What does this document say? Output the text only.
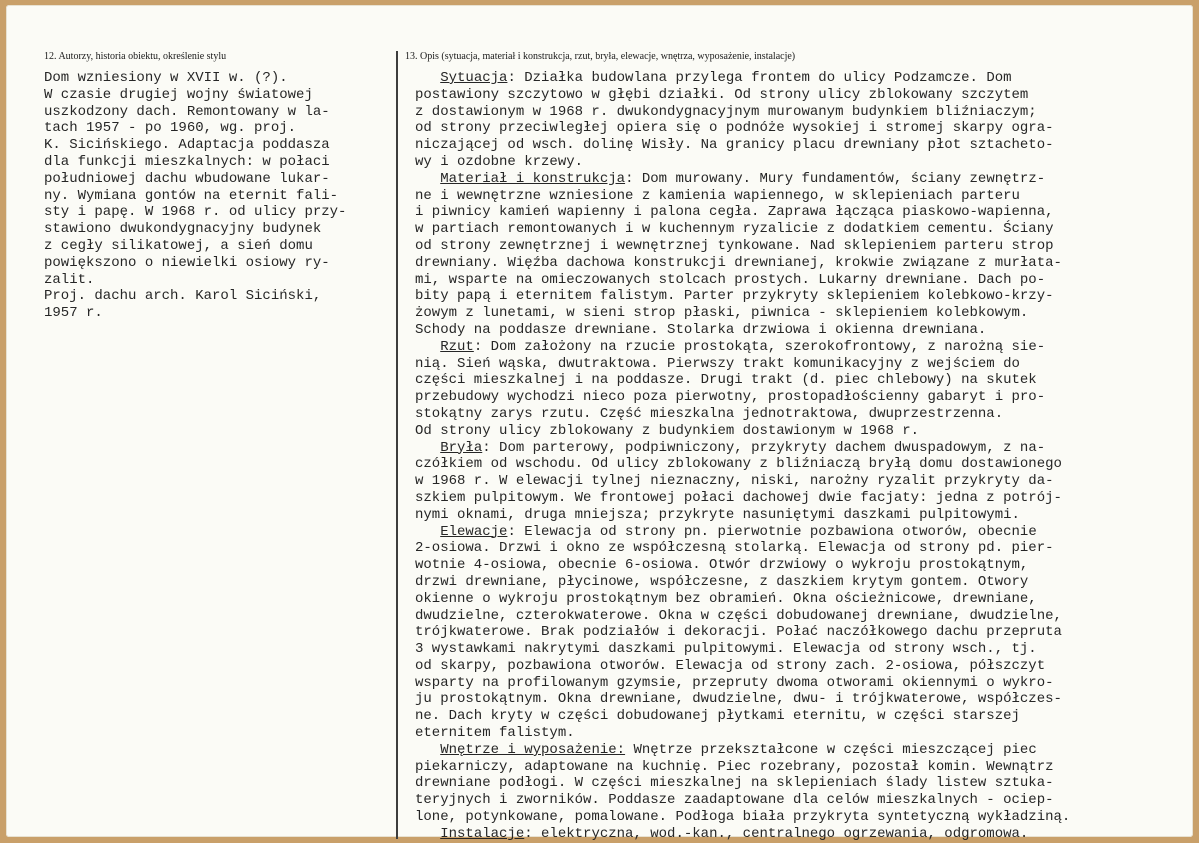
12. Autorzy, historia obiektu, określenie stylu
Dom wzniesiony w XVII w. (?).
W czasie drugiej wojny światowej
uszkodzony dach. Remontowany w la-
tach 1957 - po 1960, wg. proj.
K. Sicińskiego. Adaptacja poddasza
dla funkcji mieszkalnych: w połaci
południowej dachu wbudowane lukar-
ny. Wymiana gontów na eternit fali-
sty i papę. W 1968 r. od ulicy przy-
stawiono dwukondygnacyjny budynek
z cegły silikatowej, a sień domu
powiększono o niewielki osiowy ry-
zalit.
Proj. dachu arch. Karol Siciński,
1957 r.
13. Opis (sytuacja, materiał i konstrukcja, rzut, bryła, elewacje, wnętrza, wyposażenie, instalacje)
Sytuacja: Działka budowlana przylega frontem do ulicy Podzamcze. Dom
postawiony szczytowo w głębi działki. Od strony ulicy zblokowany szczytem
z dostawionym w 1968 r. dwukondygnacyjnym murowanym budynkiem bliźniaczym;
od strony przeciwległej opiera się o podnóże wysokiej i stromej skarpy ogra-
niczającej od wsch. dolinę Wisły. Na granicy placu drewniany płot sztacheto-
wy i ozdobne krzewy.
Materiał i konstrukcja: Dom murowany. Mury fundamentów, ściany zewnętrz-
ne i wewnętrzne wzniesione z kamienia wapiennego, w sklepieniach parteru
i piwnicy kamień wapienny i palona cegła. Zaprawa łącząca piaskowo-wapienna,
w partiach remontowanych i w kuchennym ryzalicie z dodatkiem cementu. Ściany
od strony zewnętrznej i wewnętrznej tynkowane. Nad sklepieniem parteru strop
drewniany. Więźba dachowa konstrukcji drewnianej, krokwie związane z murłata-
mi, wsparte na omieczowanych stolcach prostych. Lukarny drewniane. Dach po-
bity papą i eternitem falistym. Parter przykryty sklepieniem kolebkowo-krzy-
żowym z lunetami, w sieni strop płaski, piwnica - sklepieniem kolebkowym.
Schody na poddasze drewniane. Stolarka drzwiowa i okienna drewniana.
Rzut: Dom założony na rzucie prostokąta, szerokofrontowy, z narożną sie-
nią. Sień wąska, dwutraktowa. Pierwszy trakt komunikacyjny z wejściem do
części mieszkalnej i na poddasze. Drugi trakt (d. piec chlebowy) na skutek
przebudowy wychodzi nieco poza pierwotny, prostopadłościenny gabaryt i pro-
stokątny zarys rzutu. Część mieszkalna jednotraktowa, dwuprzestrzenna.
Od strony ulicy zblokowany z budynkiem dostawionym w 1968 r.
Bryła: Dom parterowy, podpiwniczony, przykryty dachem dwuspadowym, z na-
czółkiem od wschodu. Od ulicy zblokowany z bliźniaczą bryłą domu dostawionego
w 1968 r. W elewacji tylnej nieznaczny, niski, narożny ryzalit przykryty da-
szkiem pulpitowym. We frontowej połaci dachowej dwie facjaty: jedna z potrój-
nymi oknami, druga mniejsza; przykryte nasuniętymi daszkami pulpitowymi.
Elewacje: Elewacja od strony pn. pierwotnie pozbawiona otworów, obecnie
2-osiowa. Drzwi i okno ze współczesną stolarką. Elewacja od strony pd. pier-
wotnie 4-osiowa, obecnie 6-osiowa. Otwór drzwiowy o wykroju prostokątnym,
drzwi drewniane, płycinowe, współczesne, z daszkiem krytym gontem. Otwory
okienne o wykroju prostokątnym bez obramień. Okna ościeżnicowe, drewniane,
dwudzielne, czterokwaterowe. Okna w części dobudowanej drewniane, dwudzielne,
trójkwaterowe. Brak podziałów i dekoracji. Połać naczółkowego dachu przepruta
3 wystawkami nakrytymi daszkami pulpitowymi. Elewacja od strony wsch., tj.
od skarpy, pozbawiona otworów. Elewacja od strony zach. 2-osiowa, półszczyt
wsparty na profilowanym gzymsie, przepruty dwoma otworami okiennymi o wykro-
ju prostokątnym. Okna drewniane, dwudzielne, dwu- i trójkwaterowe, współczes-
ne. Dach kryty w części dobudowanej płytkami eternitu, w części starszej
eternitem falistym.
Wnętrze i wyposażenie: Wnętrze przekształcone w części mieszczącej piec
piekarniczy, adaptowane na kuchnię. Piec rozebrany, pozostał komin. Wewnątrz
drewniane podłogi. W części mieszkalnej na sklepieniach ślady listew sztuka-
teryjnych i zworników. Poddasze zaadaptowane dla celów mieszkalnych - ociep-
lone, potynkowane, pomalowane. Podłoga biała przykryta syntetyczną wykładziną.
Instalacje: elektryczna, wod.-kan., centralnego ogrzewania, odgromowa.
